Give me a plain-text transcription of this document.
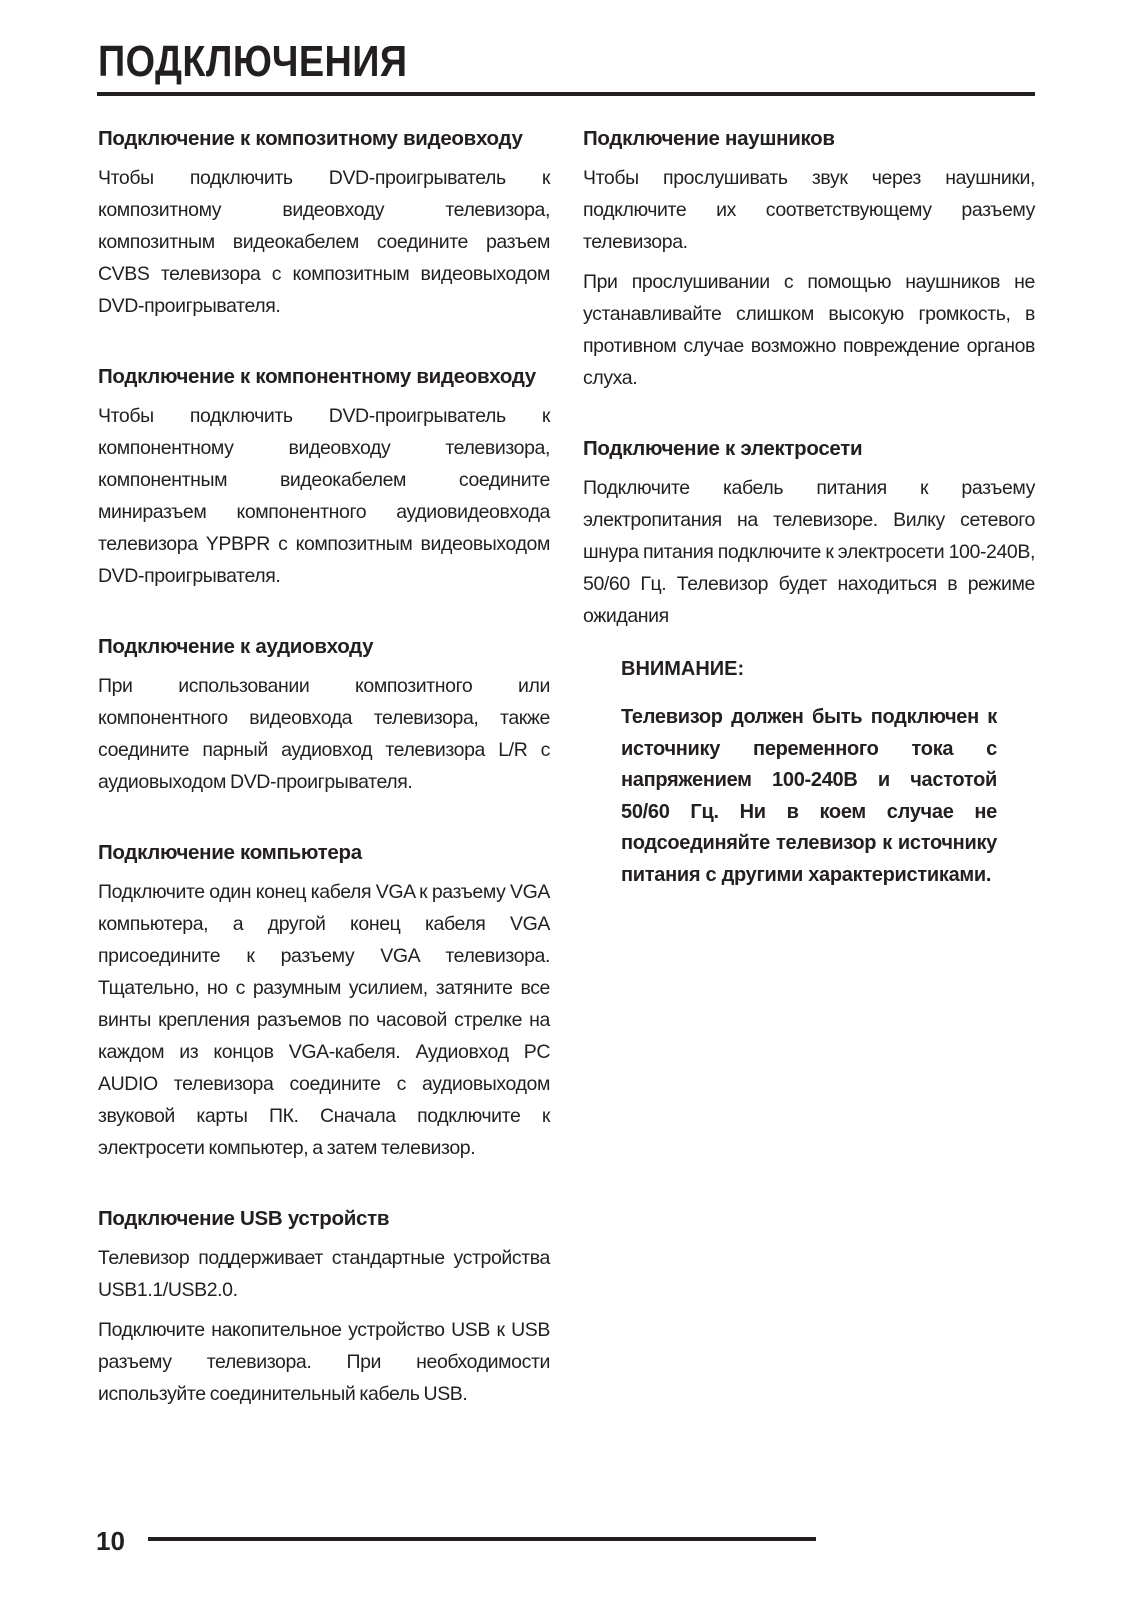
ПОДКЛЮЧЕНИЯ
Подключение к композитному видеовходу

Чтобы подключить DVD-проигрыватель к композитному видеовходу телевизора, композитным видеокабелем соедините разъем CVBS телевизора с композитным видеовыходом DVD-проигрывателя.

Подключение к компонентному видеовходу

Чтобы подключить DVD-проигрыватель к компонентному видеовходу телевизора, компонентным видеокабелем соедините миниразъем компонентного аудиовидеовхода телевизора YPBPR с композитным видеовыходом DVD-проигрывателя.

Подключение к аудиовходу

При использовании композитного или компонентного видеовхода телевизора, также соедините парный аудиовход телевизора L/R с аудиовыходом DVD-проигрывателя.

Подключение компьютера

Подключите один конец кабеля VGA к разъему VGA компьютера, а другой конец кабеля VGA присоедините к разъему VGA телевизора. Тщательно, но с разумным усилием, затяните все винты крепления разъемов по часовой стрелке на каждом из концов VGA-кабеля. Аудиовход PC AUDIO телевизора соедините с аудиовыходом звуковой карты ПК. Сначала подключите к электросети компьютер, а затем телевизор.

Подключение USB устройств

Телевизор поддерживает стандартные устройства USB1.1/USB2.0.

Подключите накопительное устройство USB к USB разъему телевизора. При необходимости используйте соединительный кабель USB.

Подключение наушников

Чтобы прослушивать звук через наушники, подключите их соответствующему разъему телевизора.

При прослушивании с помощью наушников не устанавливайте слишком высокую громкость, в противном случае возможно повреждение органов слуха.

Подключение к электросети

Подключите кабель питания к разъему электропитания на телевизоре. Вилку сетевого шнура питания подключите к электросети 100-240В, 50/60 Гц. Телевизор будет находиться в режиме ожидания

ВНИМАНИЕ:

Телевизор должен быть подключен к источнику переменного тока с напряжением 100-240В и частотой 50/60 Гц. Ни в коем случае не подсоединяйте телевизор к источнику питания с другими характеристиками.

10
